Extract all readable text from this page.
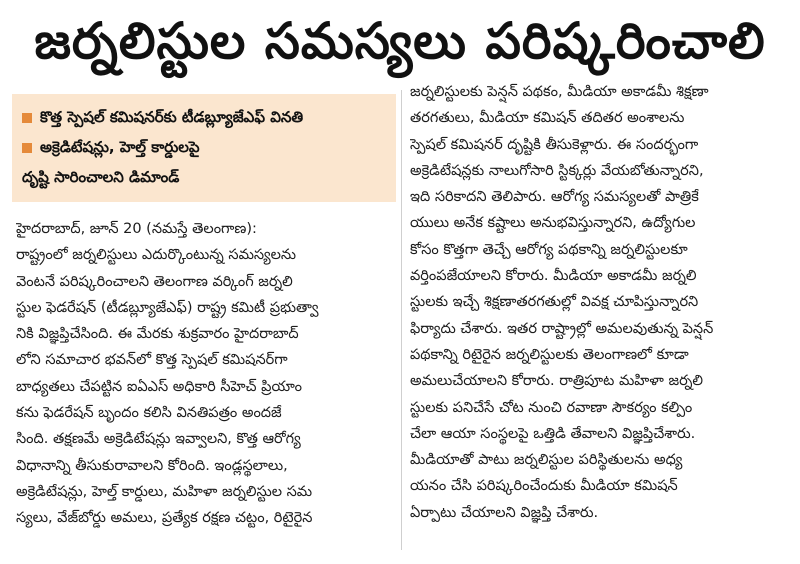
జర్నలిస్టుల సమస్యలు పరిష్కరించాలి
కొత్త స్పెషల్ కమిషనర్‌కు టీడబ్ల్యూజేఎఫ్ వినతి
అక్రెడిటేషన్లు, హెల్త్ కార్డులపై
దృష్టి సారించాలని డిమాండ్
హైదరాబాద్, జూన్ 20 (నమస్తే తెలంగాణ):
రాష్ట్రంలో జర్నలిస్టులు ఎదుర్కొంటున్న సమస్యలను
వెంటనే పరిష్కరించాలని తెలంగాణ వర్కింగ్ జర్నలి
స్టుల ఫెడరేషన్ (టీడబ్ల్యూజేఎఫ్) రాష్ట్ర కమిటీ ప్రభుత్వా
నికి విజ్ఞప్తిచేసింది. ఈ మేరకు శుక్రవారం హైదరాబాద్
లోని సమాచార భవన్‌లో కొత్త స్పెషల్ కమిషనర్‌గా
బాధ్యతలు చేపట్టిన ఐఏఎస్ అధికారి సీహెచ్ ప్రియాం
కను ఫెడరేషన్ బృందం కలిసి వినతిపత్రం అందజే
సింది. తక్షణమే అక్రెడిటేషన్లు ఇవ్వాలని, కొత్త ఆరోగ్య
విధానాన్ని తీసుకురావాలని కోరింది. ఇండ్లస్థలాలు,
అక్రెడిటేషన్లు, హెల్త్ కార్డులు, మహిళా జర్నలిస్టుల సమ
స్యలు, వేజ్‌బోర్డు అమలు, ప్రత్యేక రక్షణ చట్టం, రిటైరైన
జర్నలిస్టులకు పెన్షన్ పథకం, మీడియా అకాడమీ శిక్షణా
తరగతులు, మీడియా కమిషన్ తదితర అంశాలను
స్పెషల్ కమిషనర్ దృష్టికి తీసుకెళ్లారు. ఈ సందర్భంగా
అక్రెడిటేషన్లకు నాలుగోసారి స్టిక్కర్లు వేయబోతున్నారని,
ఇది సరికాదని తెలిపారు. ఆరోగ్య సమస్యలతో పాత్రికే
యులు అనేక కష్టాలు అనుభవిస్తున్నారని, ఉద్యోగుల
కోసం కొత్తగా తెచ్చే ఆరోగ్య పథకాన్ని జర్నలిస్టులకూ
వర్తింపజేయాలని కోరారు. మీడియా అకాడమీ జర్నలి
స్టులకు ఇచ్చే శిక్షణాతరగతుల్లో వివక్ష చూపిస్తున్నారని
ఫిర్యాదు చేశారు. ఇతర రాష్ట్రాల్లో అమలవుతున్న పెన్షన్
పథకాన్ని రిటైరైన జర్నలిస్టులకు తెలంగాణలో కూడా
అమలుచేయాలని కోరారు. రాత్రిపూట మహిళా జర్నలి
స్టులకు పనిచేసే చోట నుంచి రవాణా సౌకర్యం కల్పిం
చేలా ఆయా సంస్థలపై ఒత్తిడి తేవాలని విజ్ఞప్తిచేశారు.
మీడియాతో పాటు జర్నలిస్టుల పరిస్థితులను అధ్య
యనం చేసి పరిష్కరించేందుకు మీడియా కమిషన్
ఏర్పాటు చేయాలని విజ్ఞప్తి చేశారు.
